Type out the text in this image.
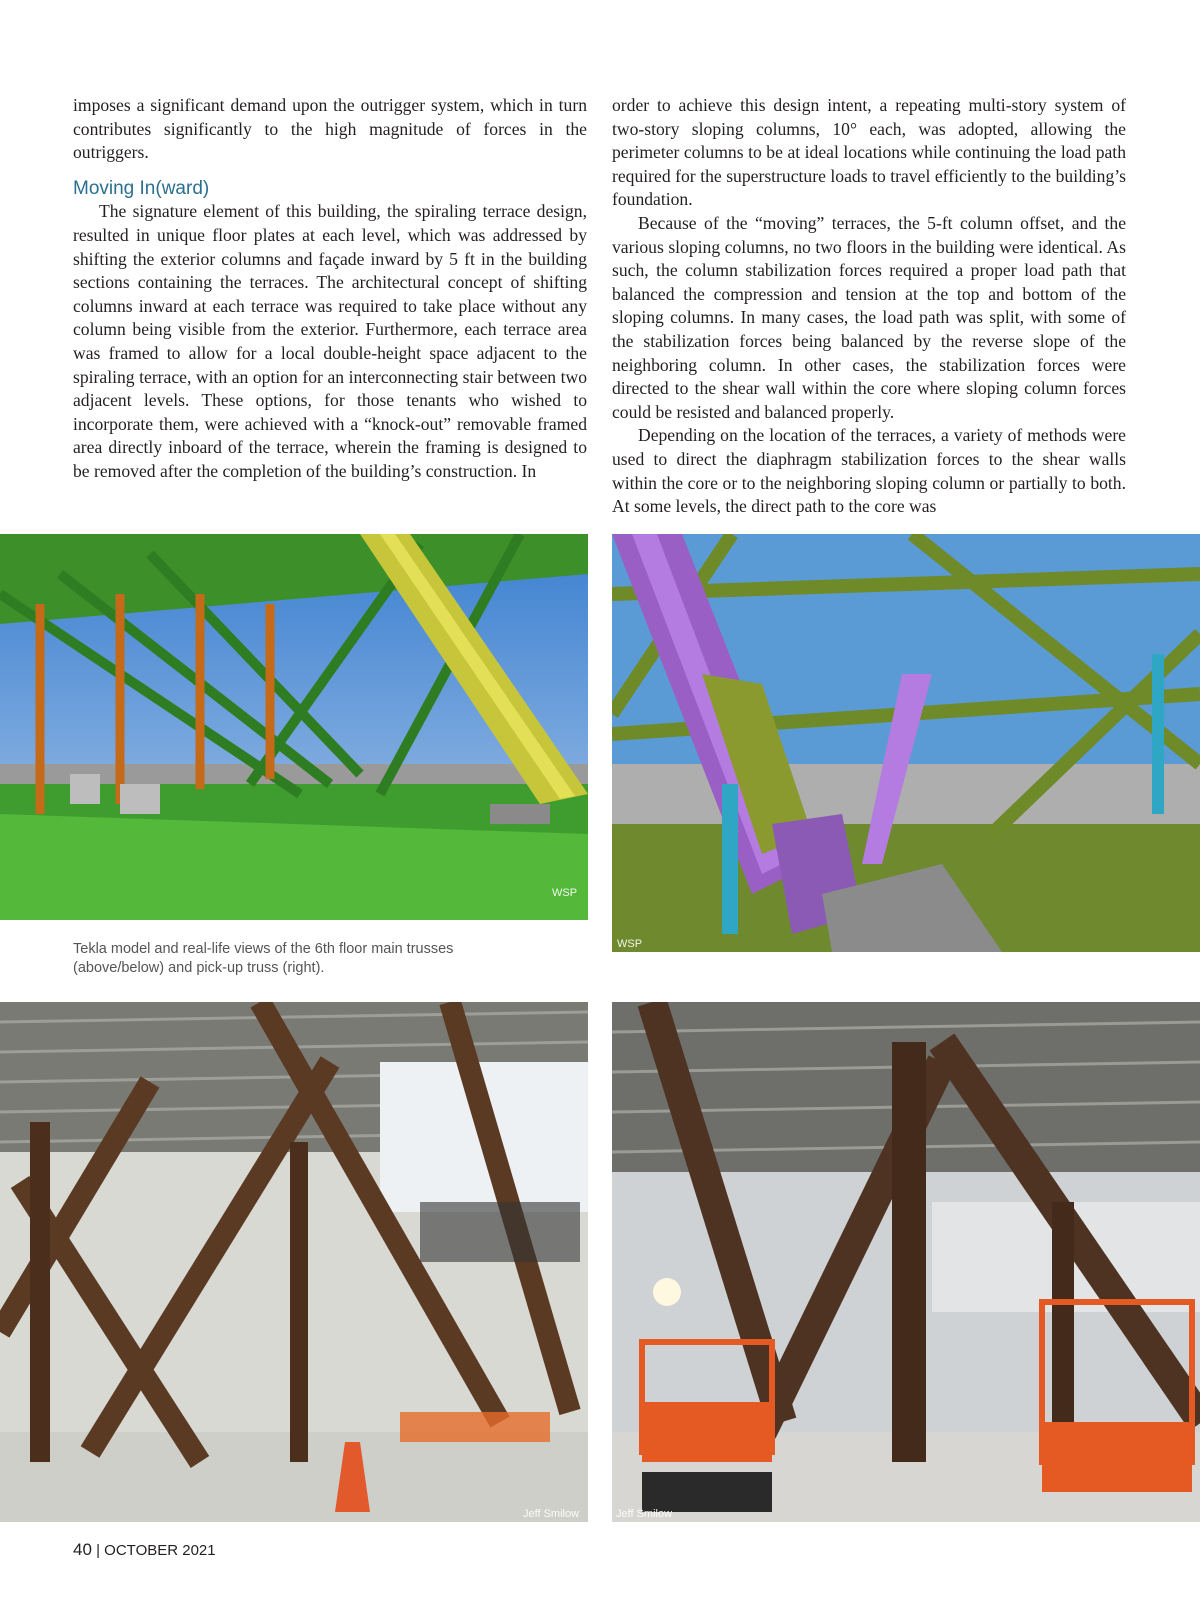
imposes a significant demand upon the outrigger system, which in turn contributes significantly to the high magnitude of forces in the outriggers.

Moving In(ward)

The signature element of this building, the spiraling terrace design, resulted in unique floor plates at each level, which was addressed by shifting the exterior columns and façade inward by 5 ft in the building sections containing the terraces. The architectural concept of shifting columns inward at each terrace was required to take place without any column being visible from the exterior. Furthermore, each terrace area was framed to allow for a local double-height space adjacent to the spiraling terrace, with an option for an interconnecting stair between two adjacent levels. These options, for those tenants who wished to incorporate them, were achieved with a “knock-out” removable framed area directly inboard of the terrace, wherein the framing is designed to be removed after the completion of the building’s construction. In

order to achieve this design intent, a repeating multi-story system of two-story sloping columns, 10° each, was adopted, allowing the perimeter columns to be at ideal locations while continuing the load path required for the superstructure loads to travel efficiently to the building’s foundation.

Because of the “moving” terraces, the 5-ft column offset, and the various sloping columns, no two floors in the building were identical. As such, the column stabilization forces required a proper load path that balanced the compression and tension at the top and bottom of the sloping columns. In many cases, the load path was split, with some of the stabilization forces being balanced by the reverse slope of the neighboring column. In other cases, the stabilization forces were directed to the shear wall within the core where sloping column forces could be resisted and balanced properly.

Depending on the location of the terraces, a variety of methods were used to direct the diaphragm stabilization forces to the shear walls within the core or to the neighboring sloping column or partially to both. At some levels, the direct path to the core was

WSP
WSP
Tekla model and real-life views of the 6th floor main trusses (above/below) and pick-up truss (right).
Jeff Smilow	Jeff Smilow
40 | OCTOBER 2021
